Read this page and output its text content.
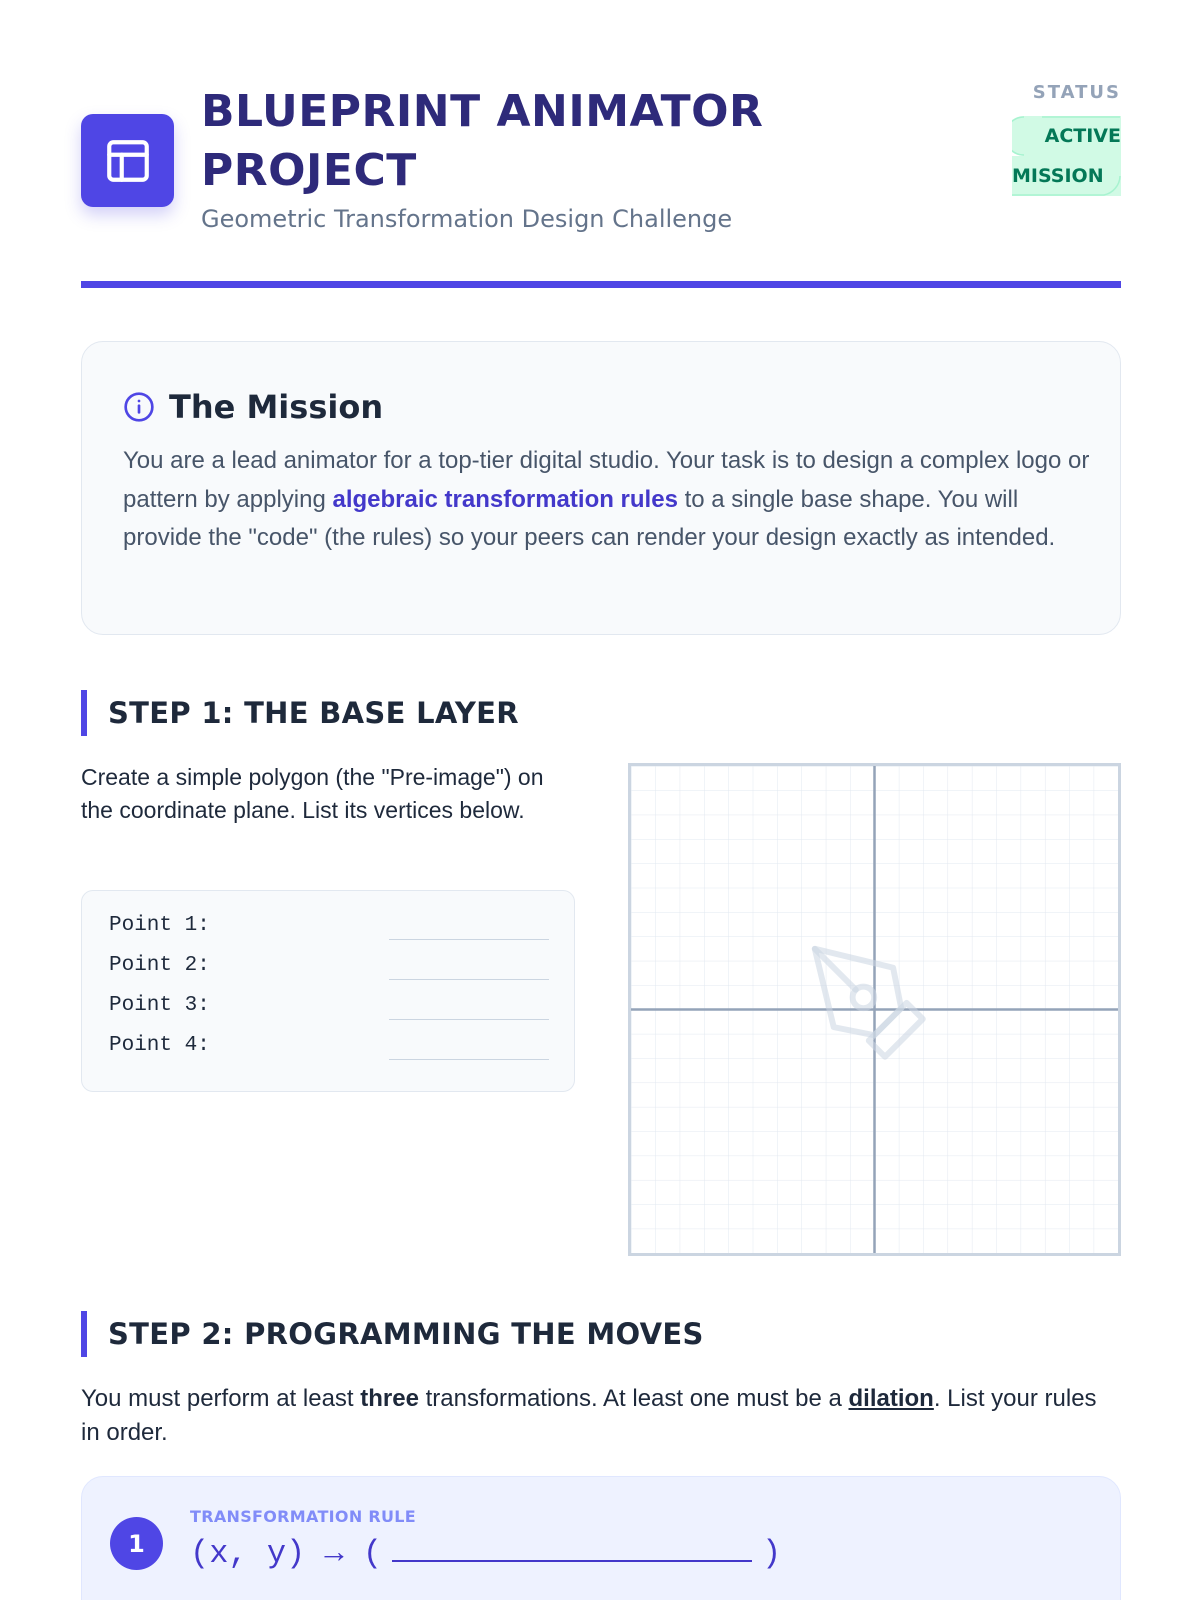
BLUEPRINT ANIMATOR
PROJECT
Geometric Transformation Design Challenge
STATUS
ACTIVE
MISSION
The Mission
You are a lead animator for a top-tier digital studio. Your task is to design a complex logo or pattern by applying algebraic transformation rules to a single base shape. You will provide the "code" (the rules) so your peers can render your design exactly as intended.
STEP 1: THE BASE LAYER
Create a simple polygon (the "Pre-image") on the coordinate plane. List its vertices below.
Point 1:
Point 2:
Point 3:
Point 4:
STEP 2: PROGRAMMING THE MOVES
You must perform at least three transformations. At least one must be a dilation. List your rules in order.
1
TRANSFORMATION RULE
(x, y) → (	)
